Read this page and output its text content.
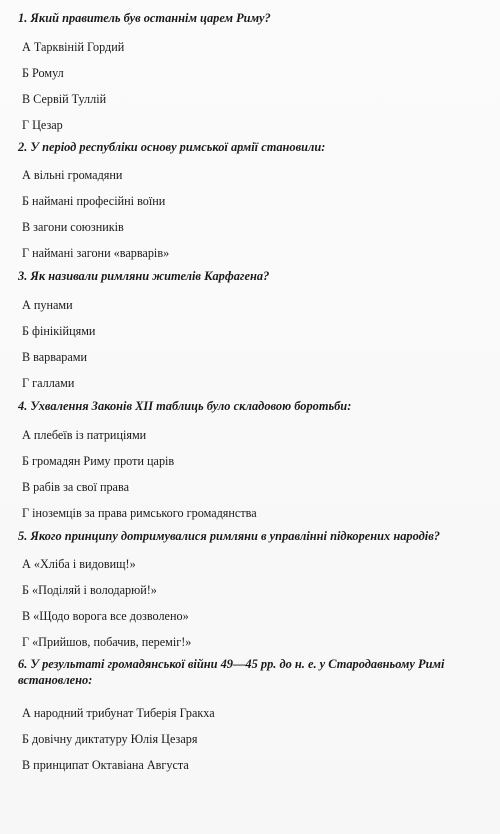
1. Який правитель був останнім царем Риму?
А Тарквіній Гордий
Б Ромул
В Сервій Туллій
Г Цезар
2. У період республіки основу римської армії становили:
А вільні громадяни
Б наймані професійні воїни
В загони союзників
Г наймані загони «варварів»
3. Як називали римляни жителів Карфагена?
А пунами
Б фінікійцями
В варварами
Г галлами
4. Ухвалення Законів XII таблиць було складовою боротьби:
А плебеїв із патриціями
Б громадян Риму проти царів
В рабів за свої права
Г іноземців за права римського громадянства
5. Якого принципу дотримувалися римляни в управлінні підкорених народів?
А «Хліба і видовищ!»
Б «Поділяй і володарюй!»
В «Щодо ворога все дозволено»
Г «Прийшов, побачив, переміг!»
6. У результаті громадянської війни 49—45 рр. до н. е. у Стародавньому Римі встановлено:
А народний трибунат Тиберія Гракха
Б довічну диктатуру Юлія Цезаря
В принципат Октавіана Августа
